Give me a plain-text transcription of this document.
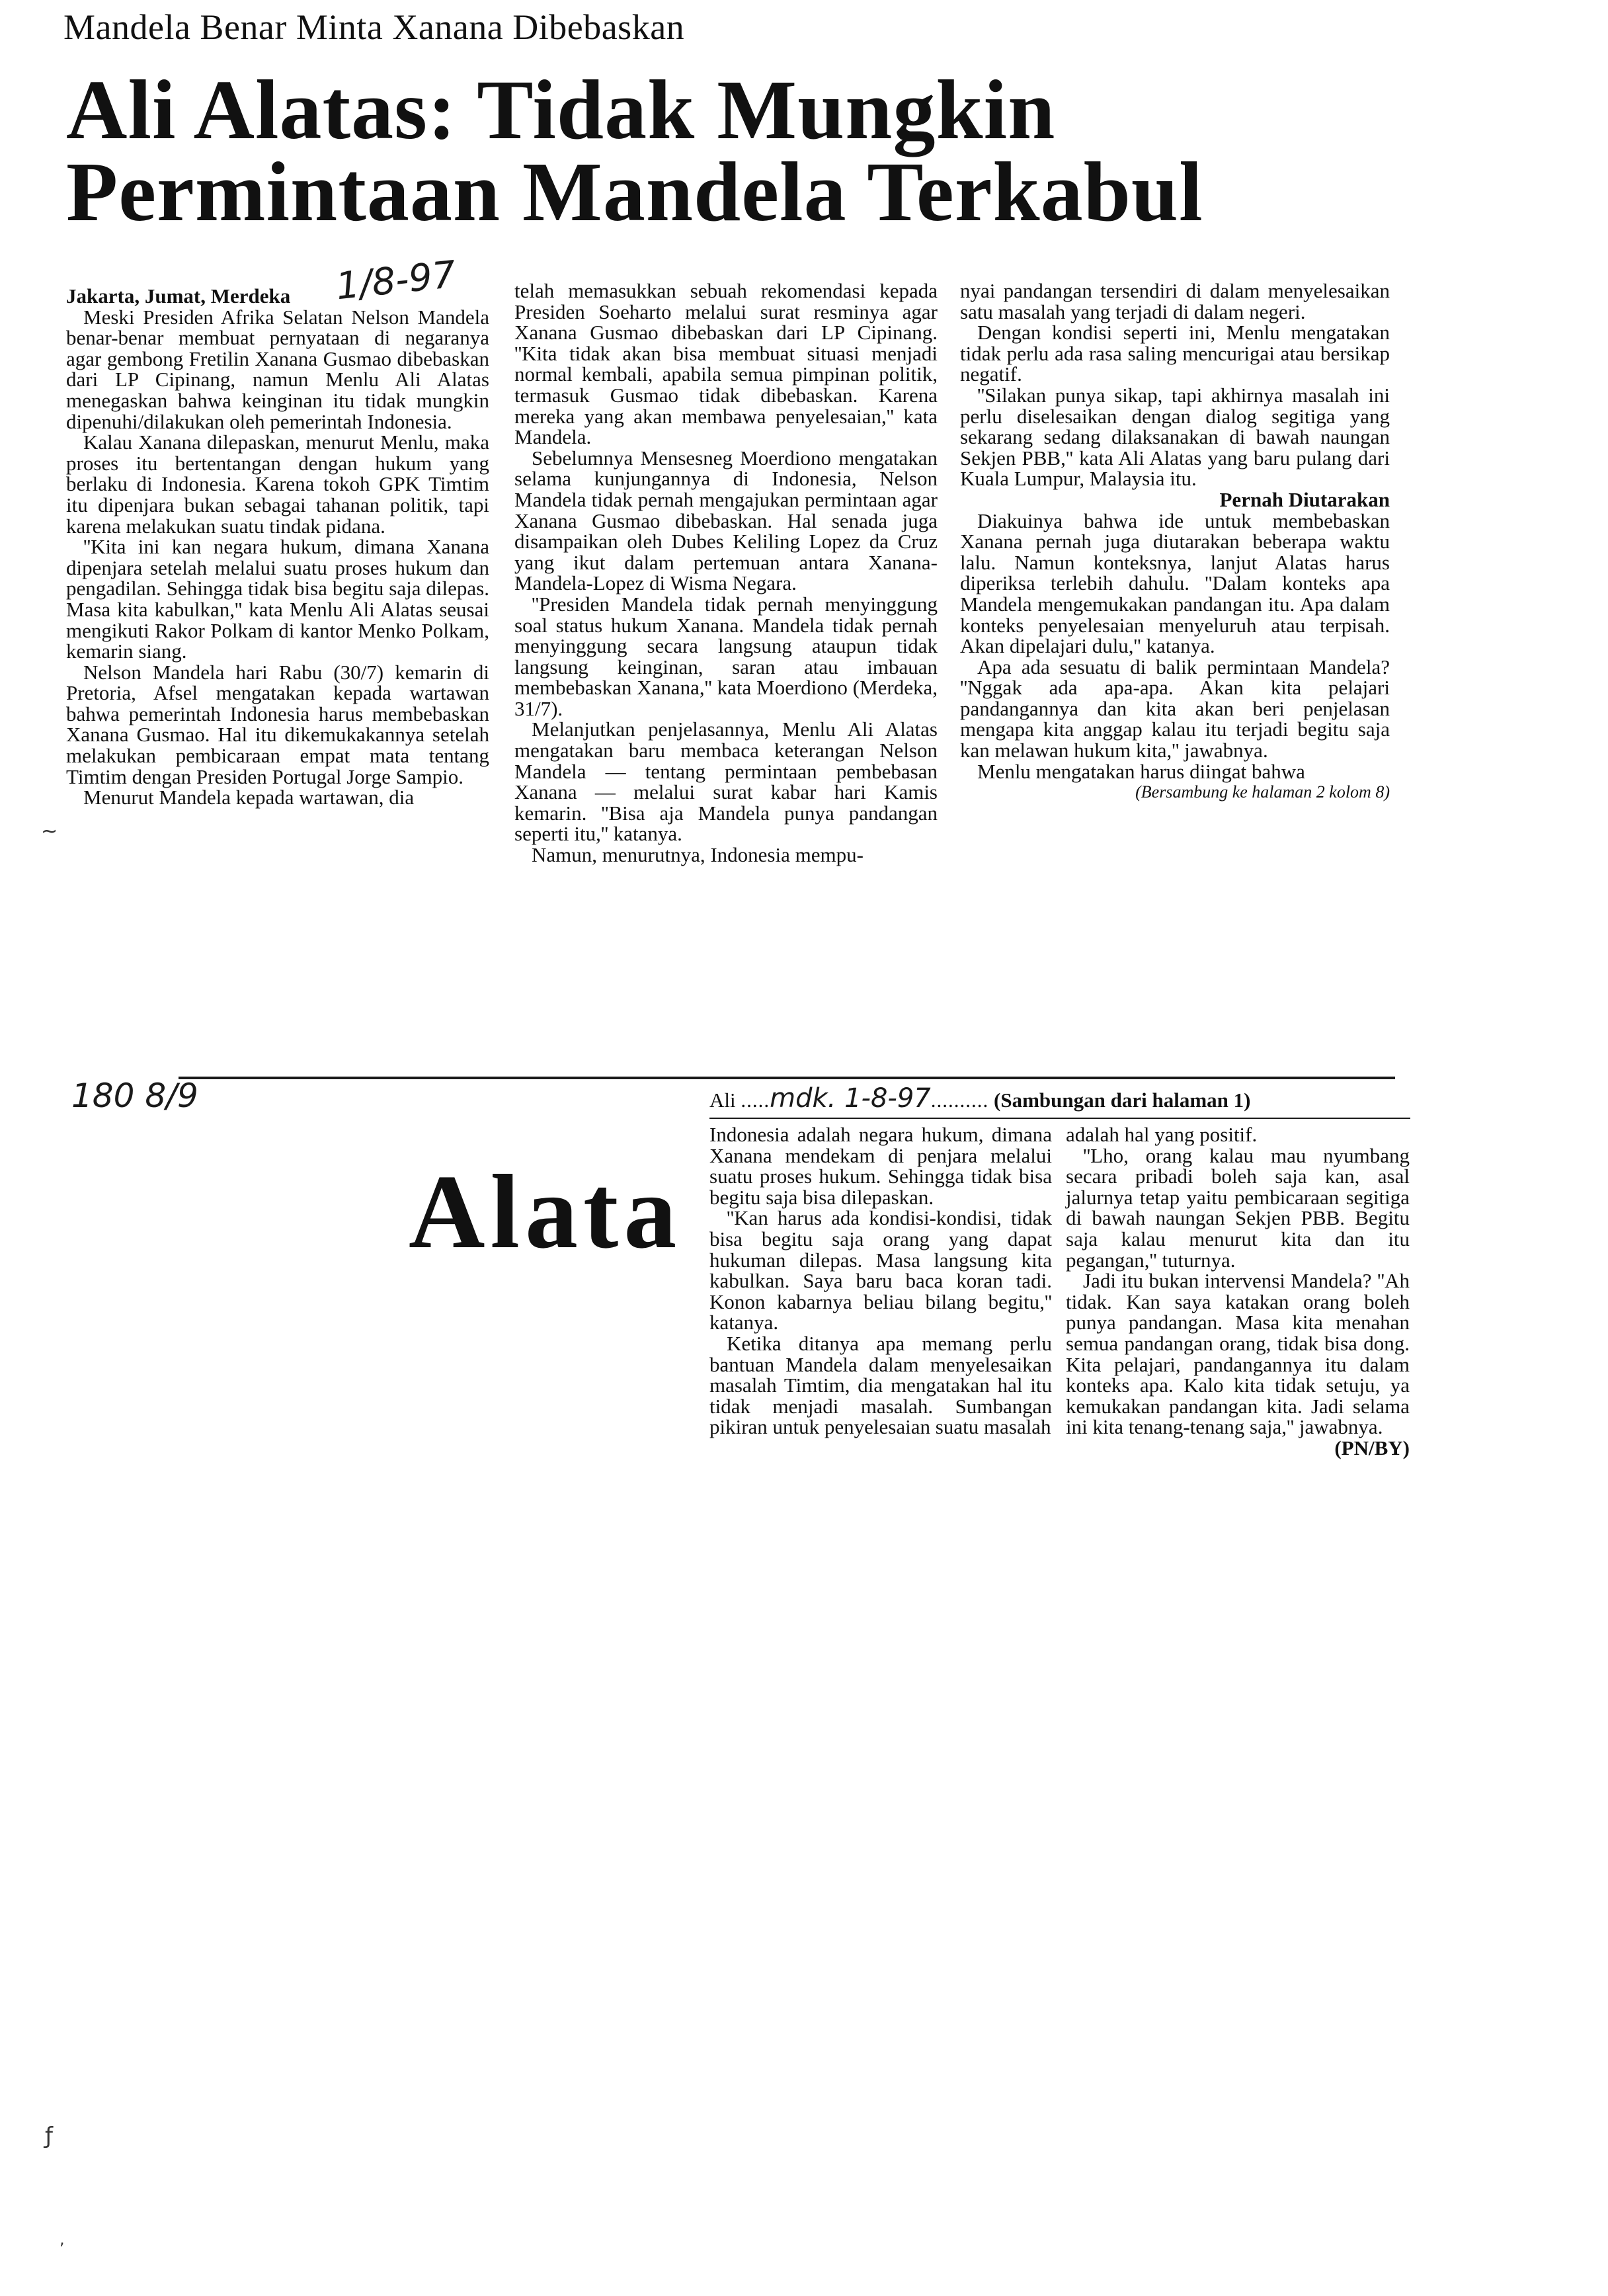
Mandela Benar Minta Xanana Dibebaskan
Ali Alatas: Tidak Mungkin
Permintaan Mandela Terkabul
1/8-97

Jakarta, Jumat, Merdeka

Meski Presiden Afrika Selatan Nelson Mandela benar-benar membuat pernyataan di negaranya agar gembong Fretilin Xanana Gusmao dibebaskan dari LP Cipinang, namun Menlu Ali Alatas menegaskan bahwa keinginan itu tidak mungkin dipenuhi/dilakukan oleh pemerintah Indonesia.

Kalau Xanana dilepaskan, menurut Menlu, maka proses itu bertentangan dengan hukum yang berlaku di Indonesia. Karena tokoh GPK Timtim itu dipenjara bukan sebagai tahanan politik, tapi karena melakukan suatu tindak pidana.

''Kita ini kan negara hukum, dimana Xanana dipenjara setelah melalui suatu proses hukum dan pengadilan. Sehingga tidak bisa begitu saja dilepas. Masa kita kabulkan,'' kata Menlu Ali Alatas seusai mengikuti Rakor Polkam di kantor Menko Polkam, kemarin siang.

Nelson Mandela hari Rabu (30/7) kemarin di Pretoria, Afsel mengatakan kepada wartawan bahwa pemerintah Indonesia harus membebaskan Xanana Gusmao. Hal itu dikemukakannya setelah melakukan pembicaraan empat mata tentang Timtim dengan Presiden Portugal Jorge Sampio.

Menurut Mandela kepada wartawan, dia

telah memasukkan sebuah rekomendasi kepada Presiden Soeharto melalui surat resminya agar Xanana Gusmao dibebaskan dari LP Cipinang. ''Kita tidak akan bisa membuat situasi menjadi normal kembali, apabila semua pimpinan politik, termasuk Gusmao tidak dibebaskan. Karena mereka yang akan membawa penyelesaian,'' kata Mandela.

Sebelumnya Mensesneg Moerdiono mengatakan selama kunjungannya di Indonesia, Nelson Mandela tidak pernah mengajukan permintaan agar Xanana Gusmao dibebaskan. Hal senada juga disampaikan oleh Dubes Keliling Lopez da Cruz yang ikut dalam pertemuan antara Xanana-Mandela-Lopez di Wisma Negara.

''Presiden Mandela tidak pernah menyinggung soal status hukum Xanana. Mandela tidak pernah menyinggung secara langsung ataupun tidak langsung keinginan, saran atau imbauan membebaskan Xanana,'' kata Moerdiono (Merdeka, 31/7).

Melanjutkan penjelasannya, Menlu Ali Alatas mengatakan baru membaca keterangan Nelson Mandela — tentang permintaan pembebasan Xanana — melalui surat kabar hari Kamis kemarin. ''Bisa aja Mandela punya pandangan seperti itu,'' katanya.

Namun, menurutnya, Indonesia mempu-

nyai pandangan tersendiri di dalam menyelesaikan satu masalah yang terjadi di dalam negeri.

Dengan kondisi seperti ini, Menlu mengatakan tidak perlu ada rasa saling mencurigai atau bersikap negatif.

''Silakan punya sikap, tapi akhirnya masalah ini perlu diselesaikan dengan dialog segitiga yang sekarang sedang dilaksanakan di bawah naungan Sekjen PBB,'' kata Ali Alatas yang baru pulang dari Kuala Lumpur, Malaysia itu.

Pernah Diutarakan

Diakuinya bahwa ide untuk membebaskan Xanana pernah juga diutarakan beberapa waktu lalu. Namun konteksnya, lanjut Alatas harus diperiksa terlebih dahulu. ''Dalam konteks apa Mandela mengemukakan pandangan itu. Apa dalam konteks penyelesaian menyeluruh atau terpisah. Akan dipelajari dulu,'' katanya.

Apa ada sesuatu di balik permintaan Mandela? ''Nggak ada apa-apa. Akan kita pelajari pandangannya dan kita akan beri penjelasan mengapa kita anggap kalau itu terjadi begitu saja kan melawan hukum kita,'' jawabnya.

Menlu mengatakan harus diingat bahwa

(Bersambung ke halaman 2 kolom 8)

180 8/9
Alata
Ali .....mdk. 1-8-97.......... (Sambungan dari halaman 1)

Indonesia adalah negara hukum, dimana Xanana mendekam di penjara melalui suatu proses hukum. Sehingga tidak bisa begitu saja bisa dilepaskan.

''Kan harus ada kondisi-kondisi, tidak bisa begitu saja orang yang dapat hukuman dilepas. Masa langsung kita kabulkan. Saya baru baca koran tadi. Konon kabarnya beliau bilang begitu,'' katanya.

Ketika ditanya apa memang perlu bantuan Mandela dalam menyelesaikan masalah Timtim, dia mengatakan hal itu tidak menjadi masalah. Sumbangan pikiran untuk penyelesaian suatu masalah

adalah hal yang positif.

''Lho, orang kalau mau nyumbang secara pribadi boleh saja kan, asal jalurnya tetap yaitu pembicaraan segitiga di bawah naungan Sekjen PBB. Begitu saja kalau menurut kita dan itu pegangan,'' tuturnya.

Jadi itu bukan intervensi Mandela? ''Ah tidak. Kan saya katakan orang boleh punya pandangan. Masa kita menahan semua pandangan orang, tidak bisa dong. Kita pelajari, pandangannya itu dalam konteks apa. Kalo kita tidak setuju, ya kemukakan pandangan kita. Jadi selama ini kita tenang-tenang saja,'' jawabnya.

(PN/BY)

ƒ
~
,
